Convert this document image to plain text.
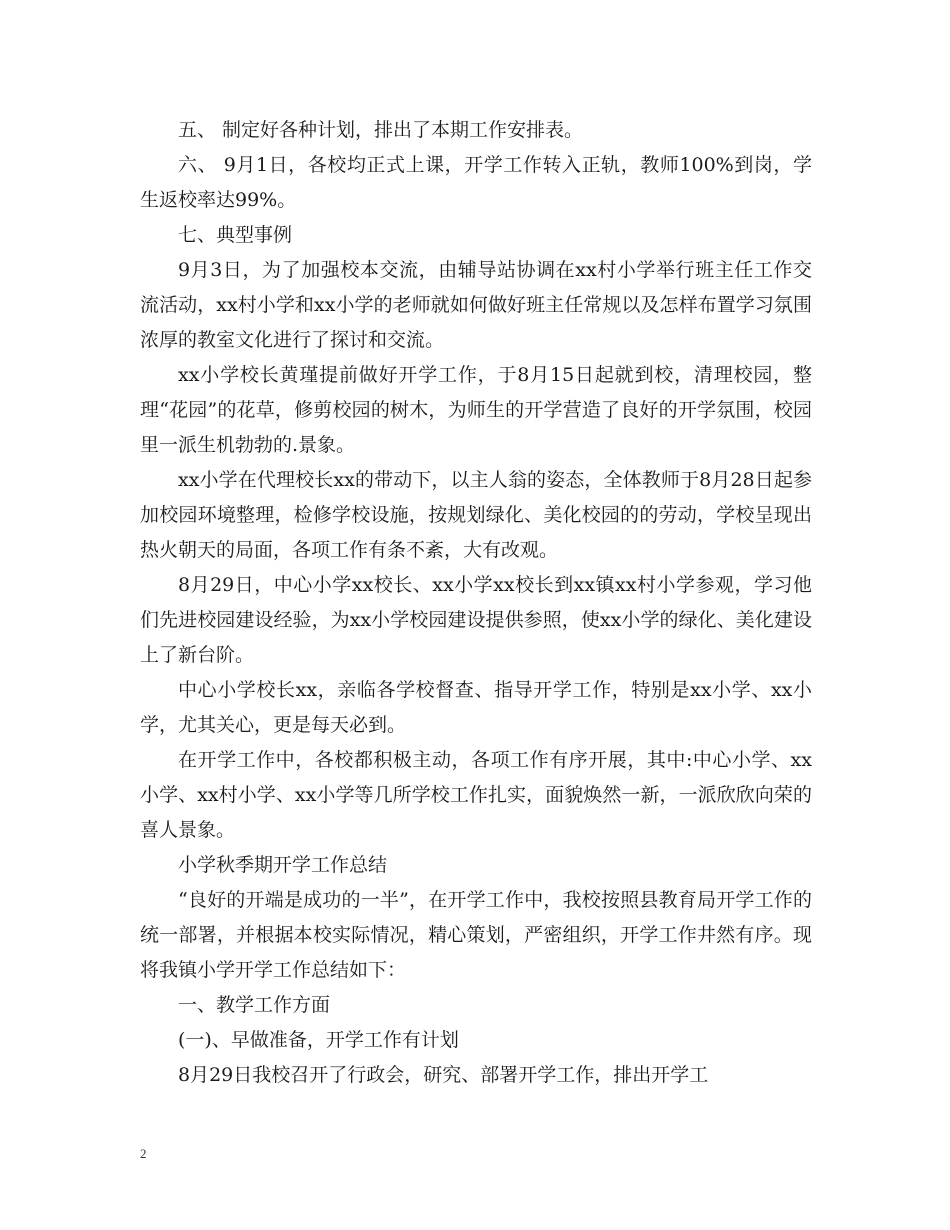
五、 制定好各种计划，排出了本期工作安排表。

六、 9月1日，各校均正式上课，开学工作转入正轨，教师100%到岗，学生返校率达99%。

七、典型事例

9月3日，为了加强校本交流，由辅导站协调在xx村小学举行班主任工作交流活动，xx村小学和xx小学的老师就如何做好班主任常规以及怎样布置学习氛围浓厚的教室文化进行了探讨和交流。

xx小学校长黄瑾提前做好开学工作，于8月15日起就到校，清理校园，整理“花园”的花草，修剪校园的树木，为师生的开学营造了良好的开学氛围，校园里一派生机勃勃的.景象。

xx小学在代理校长xx的带动下，以主人翁的姿态，全体教师于8月28日起参加校园环境整理，检修学校设施，按规划绿化、美化校园的的劳动，学校呈现出热火朝天的局面，各项工作有条不紊，大有改观。

8月29日，中心小学xx校长、xx小学xx校长到xx镇xx村小学参观，学习他们先进校园建设经验，为xx小学校园建设提供参照，使xx小学的绿化、美化建设上了新台阶。

中心小学校长xx，亲临各学校督查、指导开学工作，特别是xx小学、xx小学，尤其关心，更是每天必到。

在开学工作中，各校都积极主动，各项工作有序开展，其中:中心小学、xx小学、xx村小学、xx小学等几所学校工作扎实，面貌焕然一新，一派欣欣向荣的喜人景象。

小学秋季期开学工作总结

“良好的开端是成功的一半”，在开学工作中，我校按照县教育局开学工作的统一部署，并根据本校实际情况，精心策划，严密组织，开学工作井然有序。现将我镇小学开学工作总结如下：

一、教学工作方面

(一)、早做准备，开学工作有计划

8月29日我校召开了行政会，研究、部署开学工作，排出开学工

2
